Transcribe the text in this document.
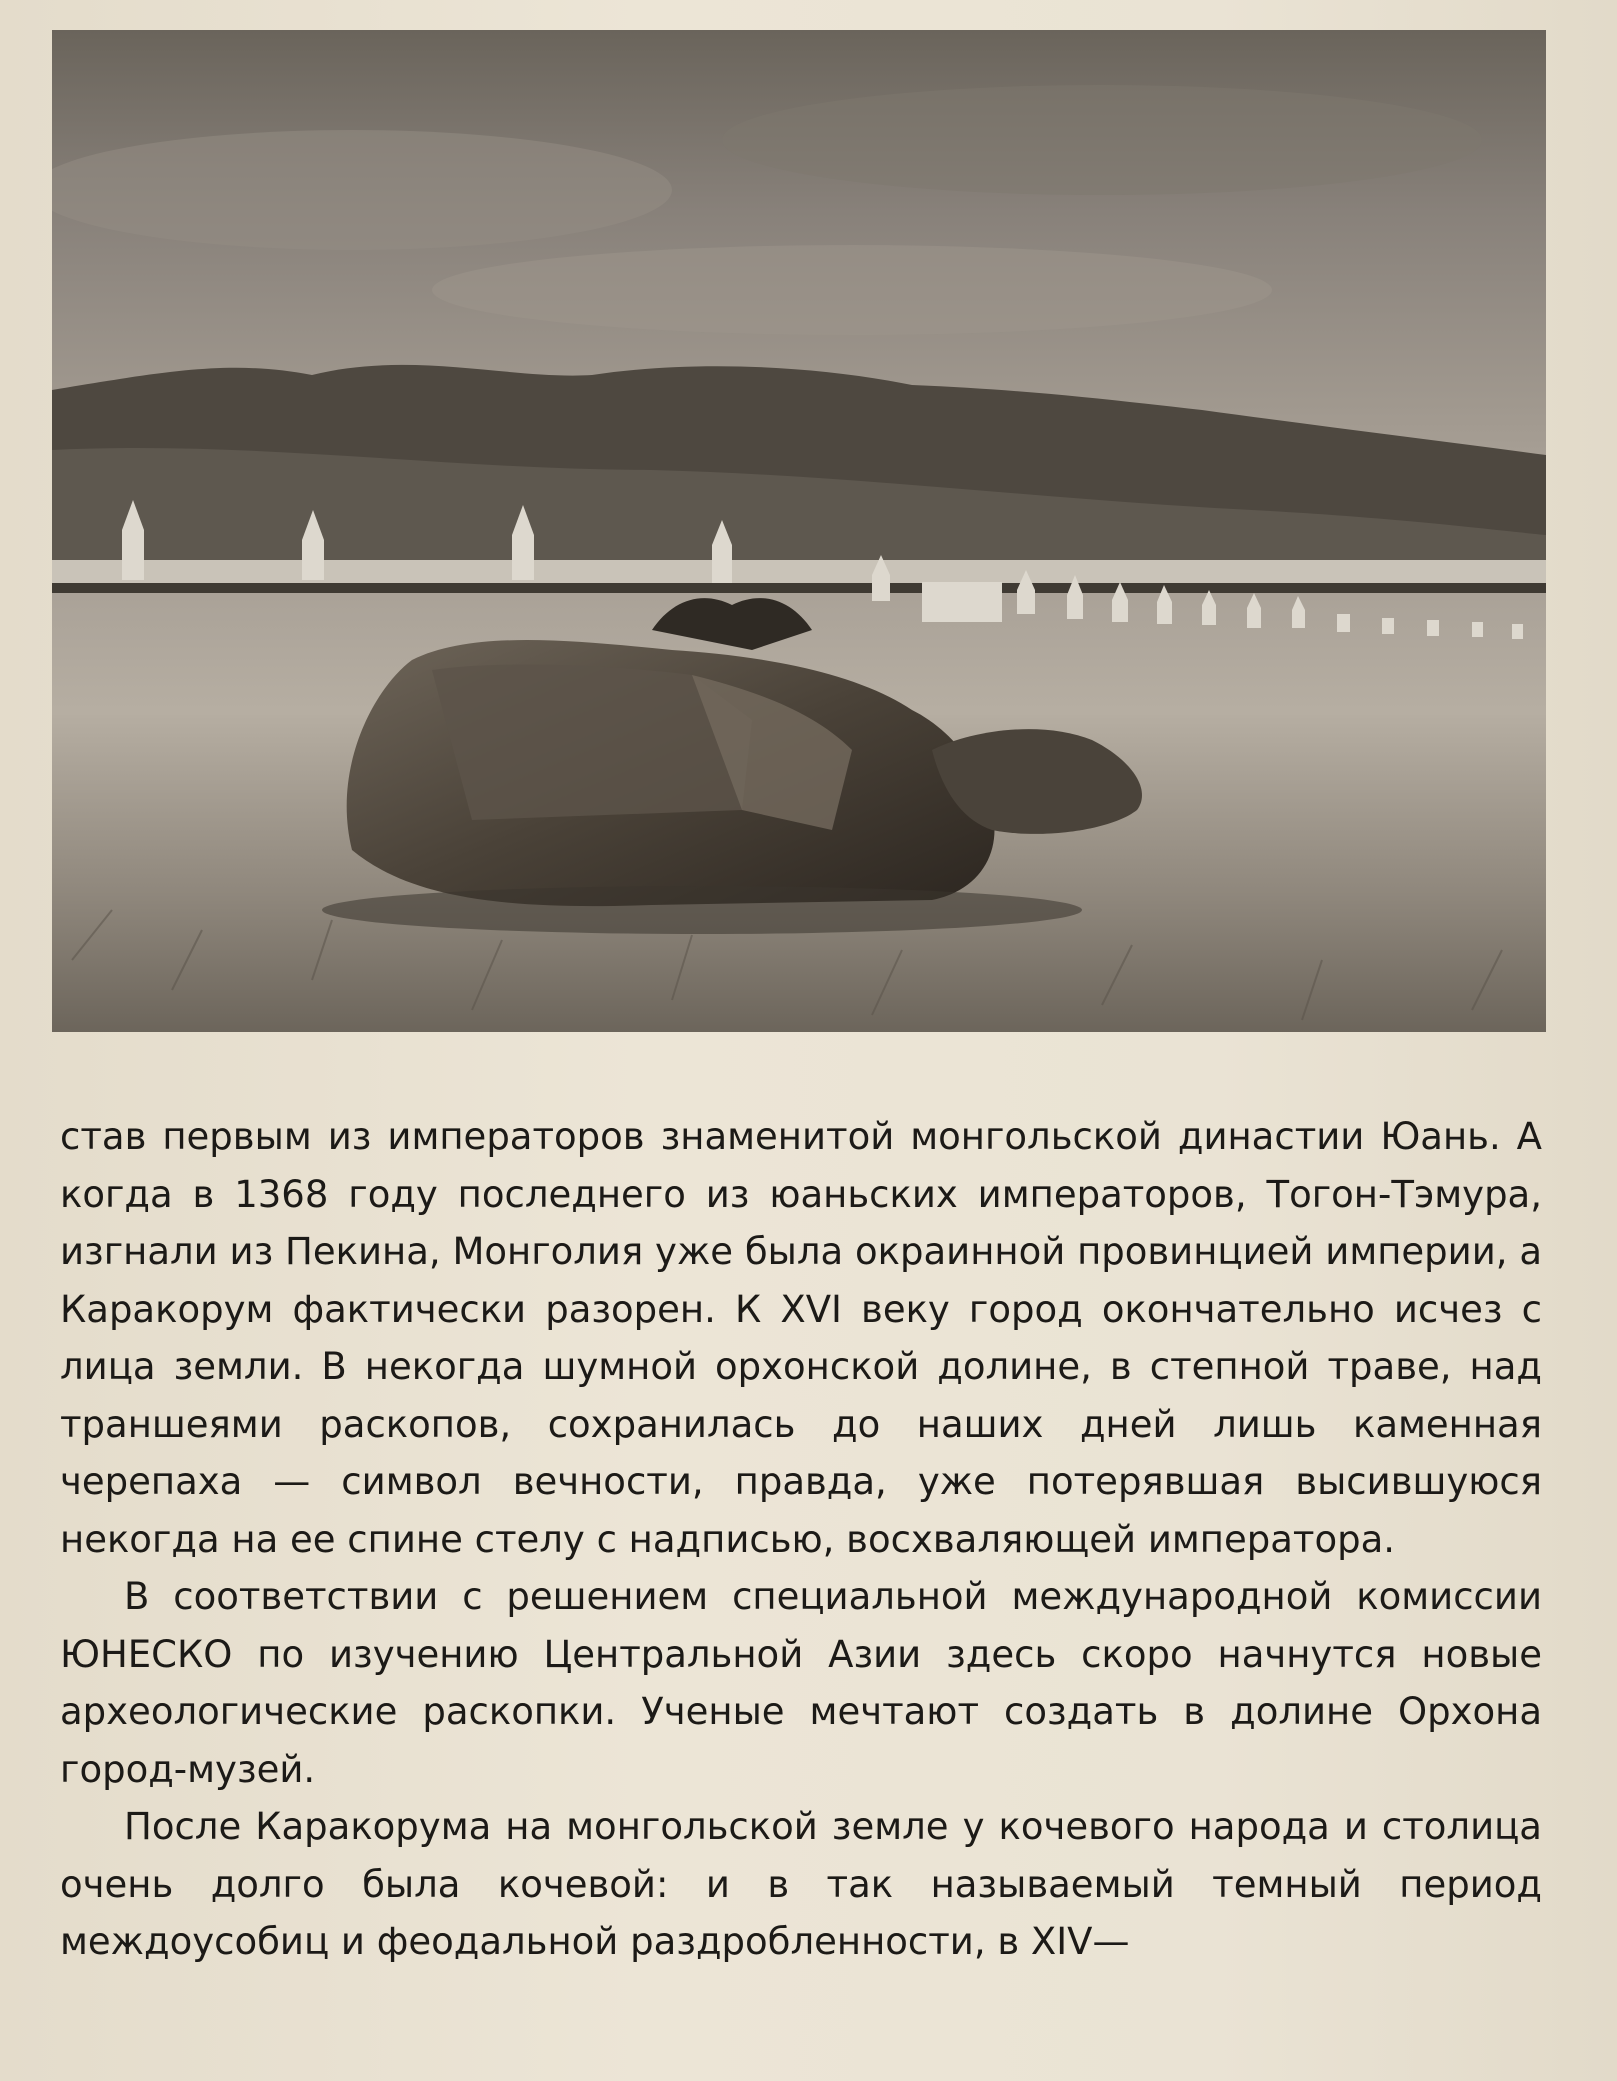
став первым из императоров знаменитой монгольской династии Юань. А когда в 1368 году последнего из юаньских императоров, Тогон-Тэмура, изгнали из Пекина, Монголия уже была окраинной провинцией империи, а Каракорум фактически разорен. К XVI веку город окончательно исчез с лица земли. В некогда шумной орхонской долине, в степной траве, над траншеями раскопов, сохранилась до наших дней лишь каменная черепаха — символ вечности, правда, уже потерявшая высившуюся некогда на ее спине стелу с надписью, восхваляющей императора.

В соответствии с решением специальной международной комиссии ЮНЕСКО по изучению Центральной Азии здесь скоро начнутся новые археологические раскопки. Ученые мечтают создать в долине Орхона город-музей.

После Каракорума на монгольской земле у кочевого народа и столица очень долго была кочевой: и в так называемый темный период междоусобиц и феодальной раздробленности, в XIV—
